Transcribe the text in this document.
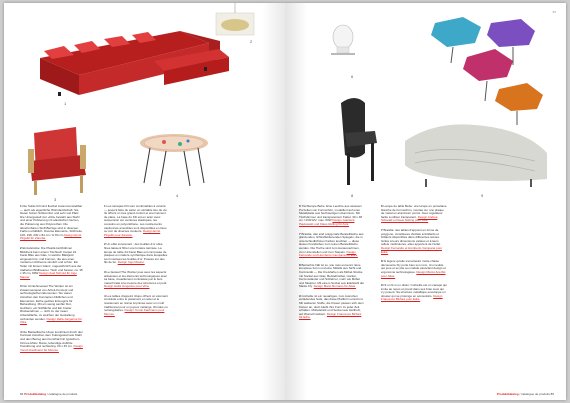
1
2
3
4
1 Die Sofas Kilt sind flexibel zusammenstellbar — auch als eigentliche Wohnlandschaft. Sie bieten hohen Sitzkomfort und sehr viel Platz. Die Untergestell vier «Kilt» besteht aus Stahl und einer Polsterung mit elastischen Gurten, die Polsterung aus Polyurethan. Die abnehmbaren Stoff-Bezüge sind in diversen Farben erhältlich. Diverse Elemente, Sitzbreite 106, 198, 230 x 84 cm / H 84 cm Design Ernst Pirgellit für Zanotta.
2 Einzelstücke: Die Plastik-Holzbühnen Bilddruck beim einem Tischtuch Carpet 24 Karat Blau aus Glas, in welche Blattgold eingesetzt ist, und Formen, die aus einer modernen Alchemie sinnlich und schön. Ein Teller mit feinem Glanz, ungewöhnlich aus der tradierten Bildhauerei. Tisch und Sessel, ca. 35 x 35 cm, 80W Design Axel Schmid für Ingo Maurer.
3 Der Armlehnsessel The Worker ist ein Zusammenspiel von Arbeit-Konzept und technologischen Elementen. Sie waren zwischen den Konzepten bildlichen und Elementen. Eiche geöltes Erzeugnis für Behandlung. Mit ein wenig sanfter Rot, Holzbein, ein Sitzfläche und Ein breiter Rückenlehnen — nicht zu der rauen Arbeitsfläche, zu welchen der Gestaltung verbunden werden. Design Hella Jongerius für Vitra.
4 Die Beistelltische Ulupo kombiniert durch den Kontrast zwischen dem Kufengestell aus Stahl und dem Bezug aus Kunstharzmit typischem Kirmes-Motiv. Bunte, lebendige Auftritte. Kreisförmig und rechteckig. 60 x 45 cm. Design Yonoh Kaufmann für Moroso.
1 Les canapés Kilt sont combinables à volonté — jusqu'à faire du salon un véritable lieu de vie. Ils offrent un très grand confort et énormément de place. La base du Kilt est en acier avec suspension sur ceintures élastiques, les coussins en polyuréthane. Les revêtements capitonnés amovibles sont disponibles en tissu ou cuir de diverses couleurs. Design Ernst Pirgellit pour Zanotta.
2 Un effet surprenant : des feuilles d'or ultra-fines laissent filtrer une lumière tamisée. La lampe de table 24 Karat Blau est composée de plaques en matière synthétique dans lesquelles sont insérées les feuilles d'or. Posées sur des fils de fer. Design Ingo Maurer.
3 Le fauteuil The Worker joue avec les aspects artisanaux et les éléments technologiques avec sa base, visuellement contrastée par le bois massif traité à la mesure des structures et petit. Design Hella Jongerius pour Vitra.
4 Les tables d'appoint Ulupo offrent un étonnant contraste entre le piètement en acier et le revêtement en résine imprimée avec un motif traditionnel pour un joyeux mélange. Rondes ou rectangulaires. Design Yonoh Kaufmann pour Moroso.
84 Produktkatalog / catalogue de produits
85
6
8	9
6 Tischlampe Bebe. Eine Leuchte aus weissem Porzellan von Formschön, modelliert auf einer Metallplatte aus hochwertigem Aluminium. Mit Tischdimmer und transparentem Kabel. 30 x 48 cm / 230/12V, max. 60W Design Gianluca Paukowski und Klaus Rolling für Axis.
7 Brasilia, das sind polygonale Beistelltische aus glänzenden, lichtreflektierenden Spiegeln, die in unterschiedlichsten Farben leuchten — diese lassen Kreisfarben zum reinen Beistelltische werden. Die Tische sind zum Herausnehmen, zum Unterstellen und zum Stapeln. Design Fernando und Humberto Campana für Edra.
8 Betrachte hält ist so, wie man es kennt. Eine komplexe Form und eine Stilistik aus Sicht und Kontinuität — Die Kreisfarben als Möbel-Stücke mit Sockel aus Glas, Beistellmöbel, Hocker, Kerzenständer und Sitzlehrer, mehr als Möbel und Skulptur. Mit einem Sockel aus Edelstahl der Marke Fly. Design Mario Romano für Atlas.
9 Corbeille ist ein neuartiges, zum Ausruhen einladendes Sofa, das diese Plattform einnimmt. Mit wattierter Stoffe, die Kissen passen sich dem Körper an, doch bleibt ihre Form zu jeder Zeit erhalten. Möbelstück und Sockel aus Hartholz, auf Wunsch lackiert. Design Francesco Binfaré für Edra.
6 Lampe de table Bebe: une lampe en porcelaine blanche de Formschön, montée sur une plaque de métal en aluminium poncé. Avec régulateur facile à utiliser transparent. Design Andrea Schwald et Klaus Nolting pour Axis.
7 Brasilia: des tables d'appoint en forme de polygone, constituées d'éclats scintillants et brillants disponibles dans différentes teintes. Grâce à leurs dimensions variées et à leurs reflets multicolores, elles apportent de l'éclat. Design Fernando et Humberto Campana pour Edra.
8 Si légère qu'elle s'envolerait. Cette chaise découverte Fly porte bien son nom. Un meuble qui joue et se plie au modèle associant design et ergonomie technologique. Design Marco Acerbis pour Atlas.
9 Ni un lit ni un divan: Corbeille est un canapé qui invite au repos et prend dans ses bras ceux qui s'y posent. Sa structure métallique enveloppe un dossier qui se prolonge en accoudoirs. Design Francesco Binfaré pour Edra.
Produktkatalog / catalogue de produits 85
